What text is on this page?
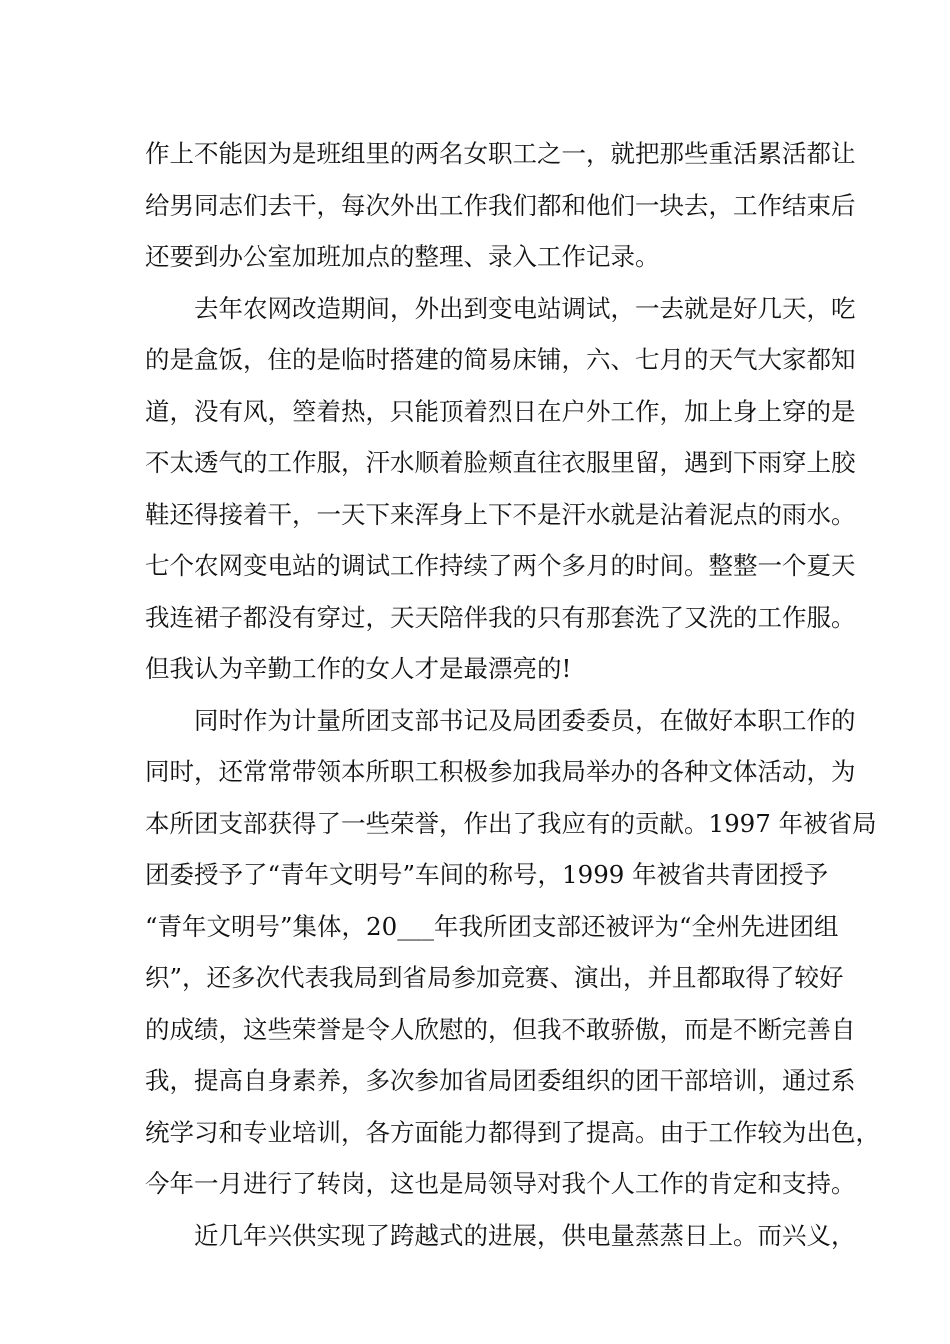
作上不能因为是班组里的两名女职工之一，就把那些重活累活都让
给男同志们去干，每次外出工作我们都和他们一块去，工作结束后
还要到办公室加班加点的整理、录入工作记录。
去年农网改造期间，外出到变电站调试，一去就是好几天，吃
的是盒饭，住的是临时搭建的简易床铺，六、七月的天气大家都知
道，没有风，箜着热，只能顶着烈日在户外工作，加上身上穿的是
不太透气的工作服，汗水顺着脸颊直往衣服里留，遇到下雨穿上胶
鞋还得接着干，一天下来浑身上下不是汗水就是沾着泥点的雨水。
七个农网变电站的调试工作持续了两个多月的时间。整整一个夏天
我连裙子都没有穿过，天天陪伴我的只有那套洗了又洗的工作服。
但我认为辛勤工作的女人才是最漂亮的!
同时作为计量所团支部书记及局团委委员，在做好本职工作的
同时，还常常带领本所职工积极参加我局举办的各种文体活动，为
本所团支部获得了一些荣誉，作出了我应有的贡献。1997 年被省局
团委授予了“青年文明号”车间的称号，1999 年被省共青团授予
“青年文明号”集体，20___年我所团支部还被评为“全州先进团组
织”，还多次代表我局到省局参加竞赛、演出，并且都取得了较好
的成绩，这些荣誉是令人欣慰的，但我不敢骄傲，而是不断完善自
我，提高自身素养，多次参加省局团委组织的团干部培训，通过系
统学习和专业培训，各方面能力都得到了提高。由于工作较为出色，
今年一月进行了转岗，这也是局领导对我个人工作的肯定和支持。
近几年兴供实现了跨越式的进展，供电量蒸蒸日上。而兴义，
